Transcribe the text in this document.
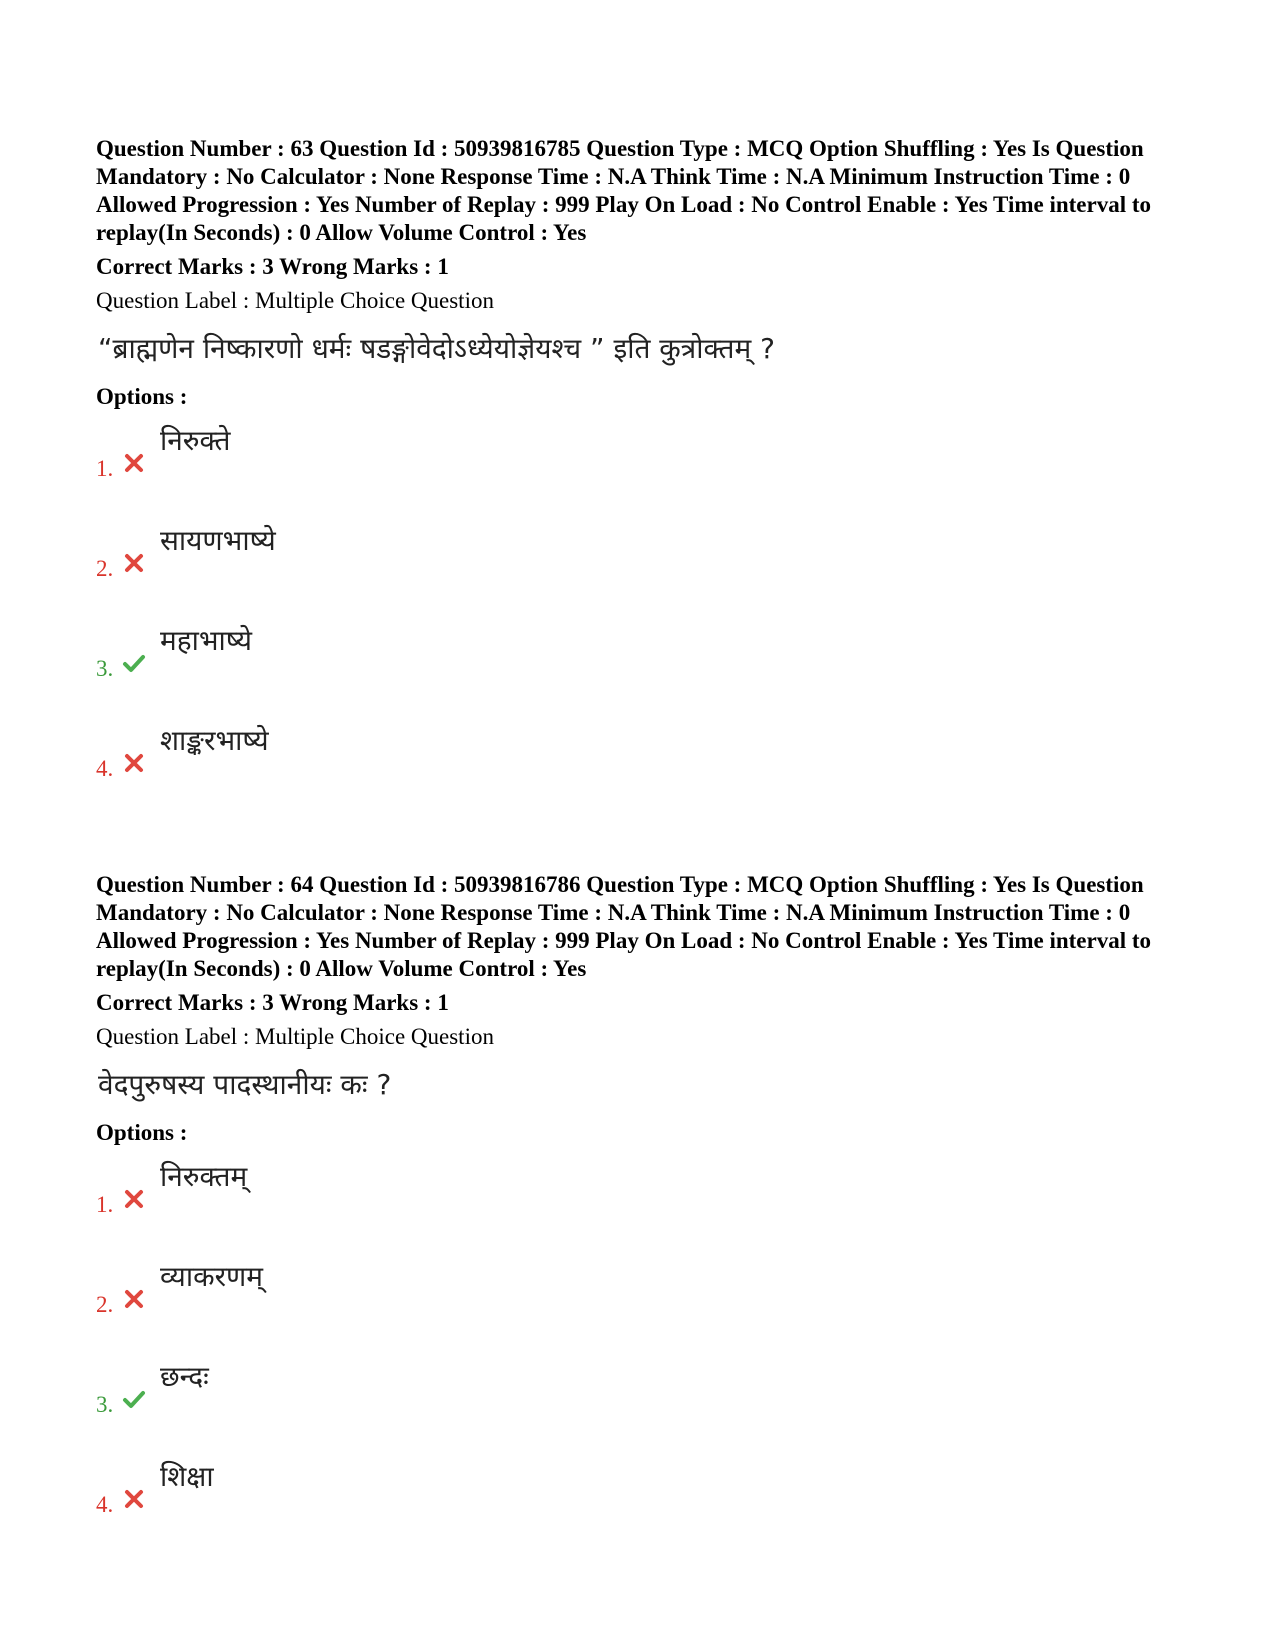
Question Number : 63 Question Id : 50939816785 Question Type : MCQ Option Shuffling : Yes Is Question Mandatory : No Calculator : None Response Time : N.A Think Time : N.A Minimum Instruction Time : 0 Allowed Progression : Yes Number of Replay : 999 Play On Load : No Control Enable : Yes Time interval to replay(In Seconds) : 0 Allow Volume Control : Yes

Correct Marks : 3 Wrong Marks : 1
Question Label : Multiple Choice Question
“ब्राह्मणेन निष्कारणो धर्मः षडङ्गोवेदोऽध्येयोज्ञेयश्च ” इति कुत्रोक्तम् ?
Options :
1.
निरुक्ते
2.
सायणभाष्ये
3.
महाभाष्ये
4.
शाङ्करभाष्ये

Question Number : 64 Question Id : 50939816786 Question Type : MCQ Option Shuffling : Yes Is Question Mandatory : No Calculator : None Response Time : N.A Think Time : N.A Minimum Instruction Time : 0 Allowed Progression : Yes Number of Replay : 999 Play On Load : No Control Enable : Yes Time interval to replay(In Seconds) : 0 Allow Volume Control : Yes

Correct Marks : 3 Wrong Marks : 1
Question Label : Multiple Choice Question
वेदपुरुषस्य पादस्थानीयः कः ?
Options :
1.
निरुक्तम्
2.
व्याकरणम्
3.
छन्दः
4.
शिक्षा
